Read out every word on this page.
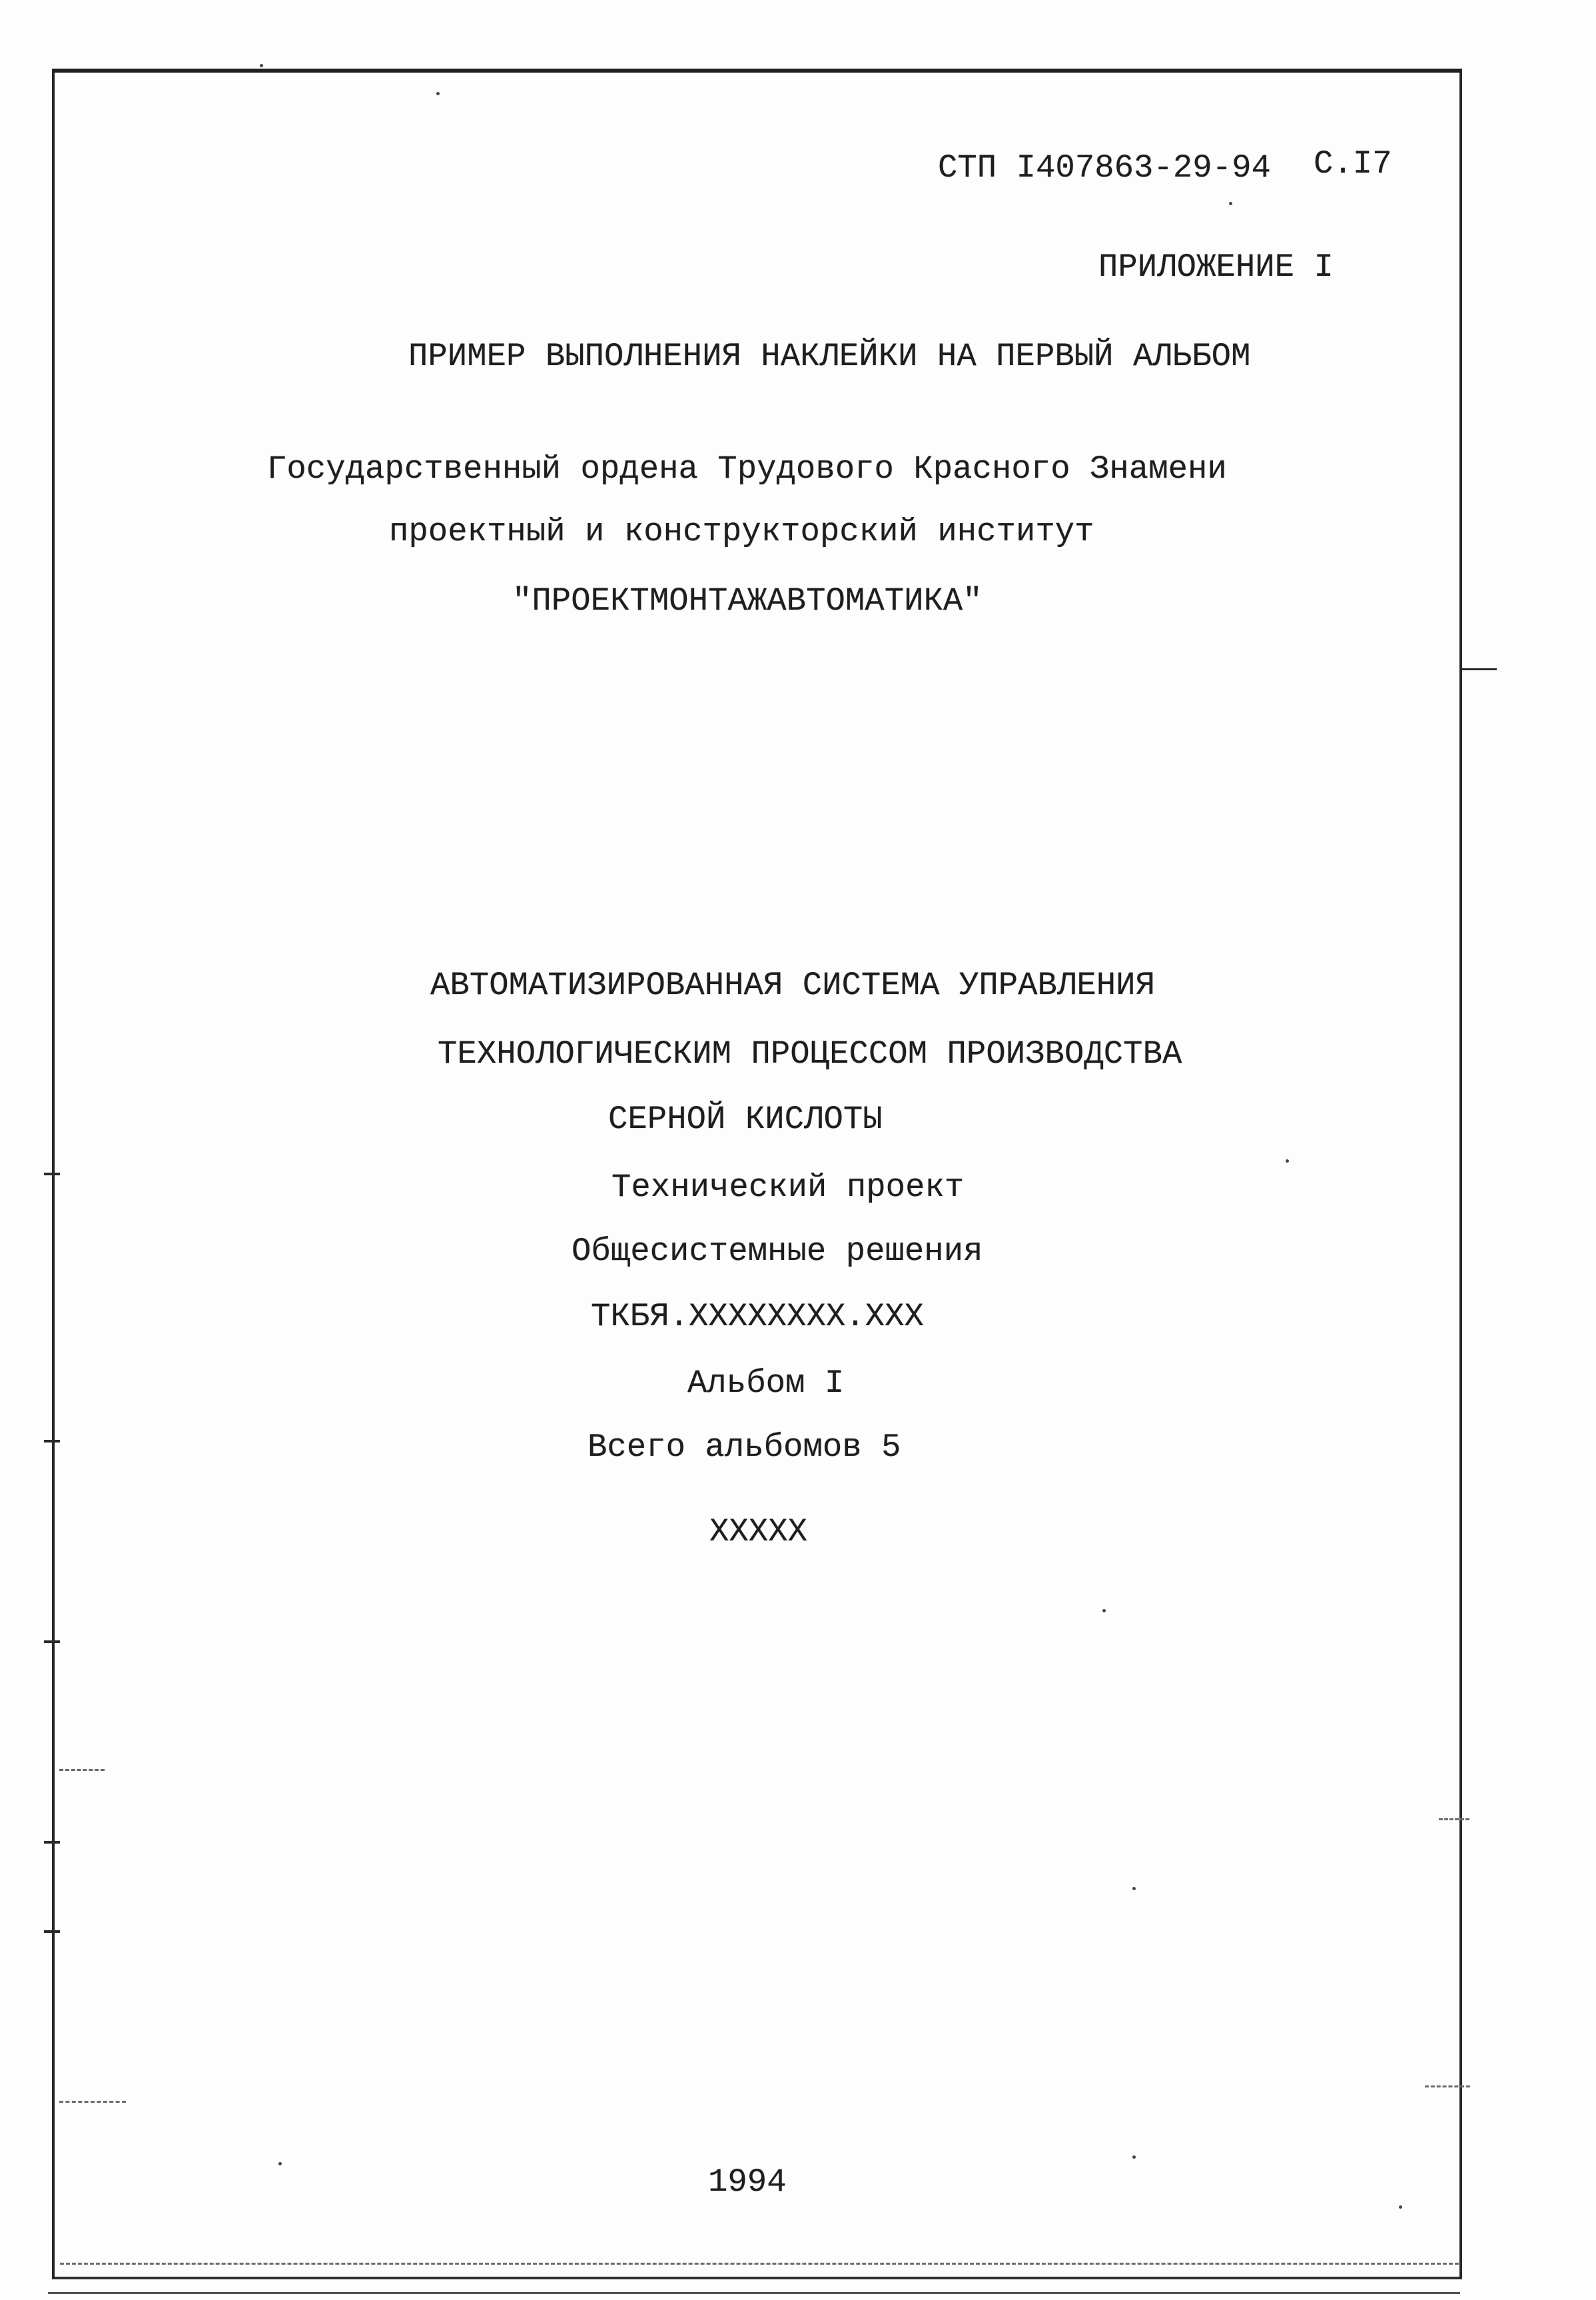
СТП I407863-29-94 С.I7
ПРИЛОЖЕНИЕ I
ПРИМЕР ВЫПОЛНЕНИЯ НАКЛЕЙКИ НА ПЕРВЫЙ АЛЬБОМ
Государственный ордена Трудового Красного Знамени
проектный и конструкторский институт
"ПРОЕКТМОНТАЖАВТОМАТИКА"
АВТОМАТИЗИРОВАННАЯ СИСТЕМА УПРАВЛЕНИЯ
ТЕХНОЛОГИЧЕСКИМ ПРОЦЕССОМ ПРОИЗВОДСТВА
СЕРНОЙ КИСЛОТЫ
Технический проект
Общесистемные решения
ТКБЯ.XXXXXXXX.XXX
Альбом I
Всего альбомов 5
XXXXX
1994
